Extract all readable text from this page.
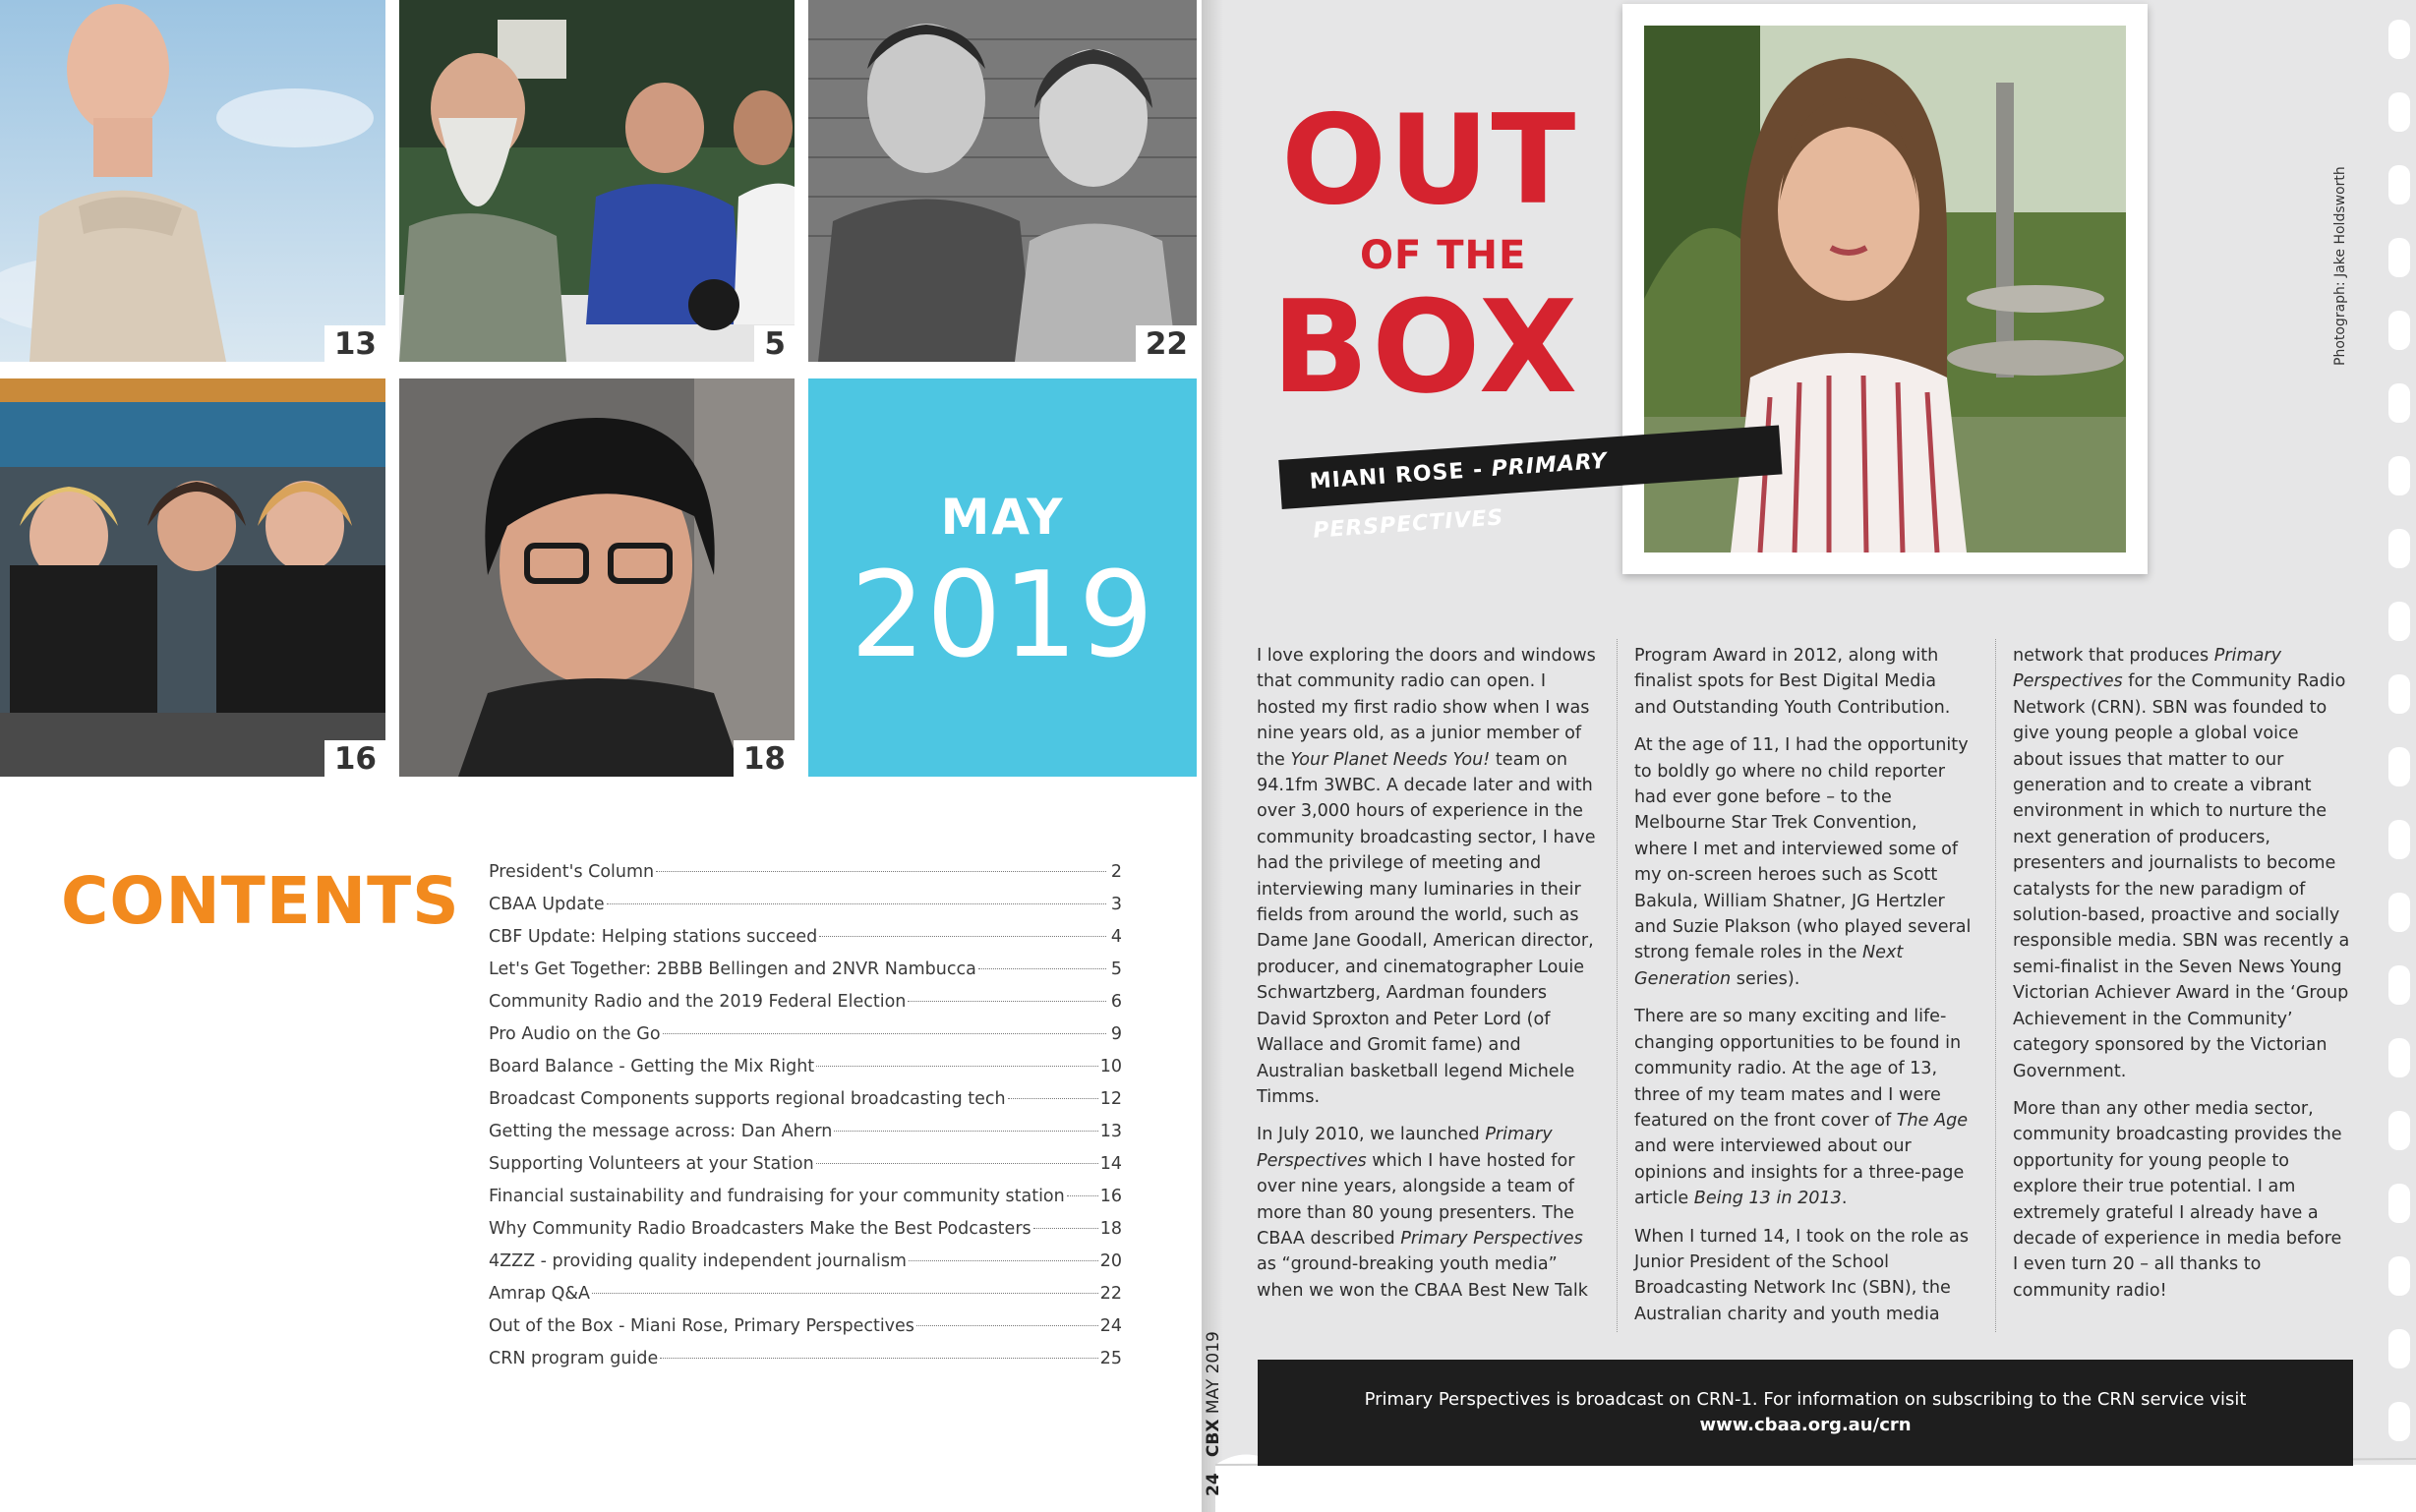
13	5	22
16	18
MAY
2019
CONTENTS President's Column	2
CBAA Update	3
CBF Update: Helping stations succeed	4
Let's Get Together: 2BBB Bellingen and 2NVR Nambucca	5
Community Radio and the 2019 Federal Election	6
Pro Audio on the Go	9
Board Balance - Getting the Mix Right	10
Broadcast Components supports regional broadcasting tech	12
Getting the message across: Dan Ahern	13
Supporting Volunteers at your Station	14
Financial sustainability and fundraising for your community station 16
Why Community Radio Broadcasters Make the Best Podcasters	18
4ZZZ - providing quality independent journalism	20
Amrap Q&A	22
Out of the Box - Miani Rose, Primary Perspectives	24
CRN program guide	25
OUT
OF THE
BOX	Photograph: Jake Holdsworth
MIANI ROSE - PRIMARY PERSPECTIVES

I love exploring the doors and windows that community radio can open. I hosted my first radio show when I was nine years old, as a junior member of the Your Planet Needs You! team on 94.1fm 3WBC. A decade later and with over 3,000 hours of experience in the community broadcasting sector, I have had the privilege of meeting and interviewing many luminaries in their fields from around the world, such as Dame Jane Goodall, American director, producer, and cinematographer Louie Schwartzberg, Aardman founders David Sproxton and Peter Lord (of Wallace and Gromit fame) and Australian basketball legend Michele Timms.

In July 2010, we launched Primary Perspectives which I have hosted for over nine years, alongside a team of more than 80 young presenters. The CBAA described Primary Perspectives as “ground-breaking youth media” when we won the CBAA Best New Talk

Program Award in 2012, along with finalist spots for Best Digital Media and Outstanding Youth Contribution.

At the age of 11, I had the opportunity to boldly go where no child reporter had ever gone before – to the Melbourne Star Trek Convention, where I met and interviewed some of my on-screen heroes such as Scott Bakula, William Shatner, JG Hertzler and Suzie Plakson (who played several strong female roles in the Next Generation series).

There are so many exciting and life-changing opportunities to be found in community radio. At the age of 13, three of my team mates and I were featured on the front cover of The Age and were interviewed about our opinions and insights for a three-page article Being 13 in 2013.

When I turned 14, I took on the role as Junior President of the School Broadcasting Network Inc (SBN), the Australian charity and youth media

network that produces Primary Perspectives for the Community Radio Network (CRN). SBN was founded to give young people a global voice about issues that matter to our generation and to create a vibrant environment in which to nurture the next generation of producers, presenters and journalists to become catalysts for the new paradigm of solution-based, proactive and socially responsible media. SBN was recently a semi-finalist in the Seven News Young Victorian Achiever Award in the ‘Group Achievement in the Community’ category sponsored by the Victorian Government.

More than any other media sector, community broadcasting provides the opportunity for young people to explore their true potential. I am extremely grateful I already have a decade of experience in media before I even turn 20 – all thanks to community radio!

Primary Perspectives is broadcast on CRN-1. For information on subscribing to the CRN service visit
www.cbaa.org.au/crn
24   CBX MAY 2019
